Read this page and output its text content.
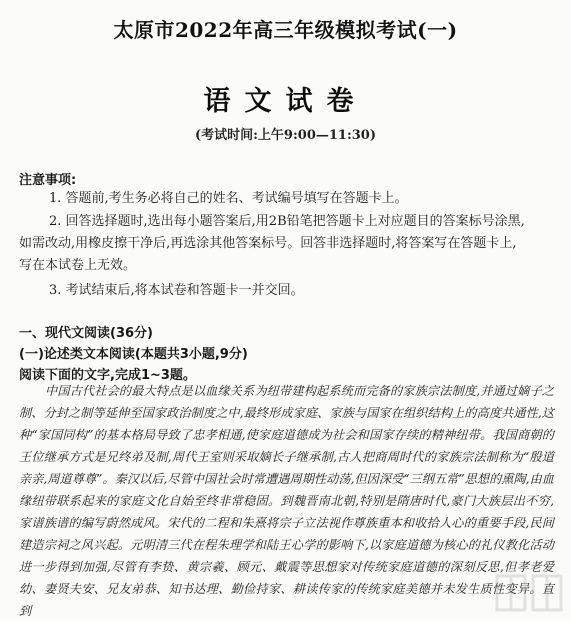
太原市2022年高三年级模拟考试(一)
语文试卷
(考试时间:上午9:00—11:30)
注意事项:
1. 答题前,考生务必将自己的姓名、考试编号填写在答题卡上。
2. 回答选择题时,选出每小题答案后,用2B铅笔把答题卡上对应题目的答案标号涂黑,
如需改动,用橡皮擦干净后,再选涂其他答案标号。回答非选择题时,将答案写在答题卡上,
写在本试卷上无效。
3. 考试结束后,将本试卷和答题卡一并交回。
一、现代文阅读(36分)
(一)论述类文本阅读(本题共3小题,9分)
阅读下面的文字,完成1~3题。
中国古代社会的最大特点是以血缘关系为纽带建构起系统而完备的家族宗法制度,并通过嫡子之制、分封之制等延伸至国家政治制度之中,最终形成家庭、家族与国家在组织结构上的高度共通性,这种“家国同构”的基本格局导致了忠孝相通,使家庭道德成为社会和国家存续的精神纽带。我国商朝的王位继承方式是兄终弟及制,周代王室则采取嫡长子继承制,古人把商周时代的家族宗法制称为“殷道亲亲,周道尊尊”。秦汉以后,尽管中国社会时常遭遇周期性动荡,但因深受“三纲五常”思想的熏陶,由血缘纽带联系起来的家庭文化自始至终非常稳固。到魏晋南北朝,特别是隋唐时代,豪门大族层出不穷,家谱族谱的编写蔚然成风。宋代的二程和朱熹将宗子立法视作尊族重本和收拾人心的重要手段,民间建造宗祠之风兴起。元明清三代在程朱理学和陆王心学的影响下,以家庭道德为核心的礼仪教化活动进一步得到加强,尽管有李贽、黄宗羲、顾元、戴震等思想家对传统家庭道德的深刻反思,但孝老爱幼、妻贤夫安、兄友弟恭、知书达理、勤俭持家、耕读传家的传统家庭美德并未发生质性变异。直到
